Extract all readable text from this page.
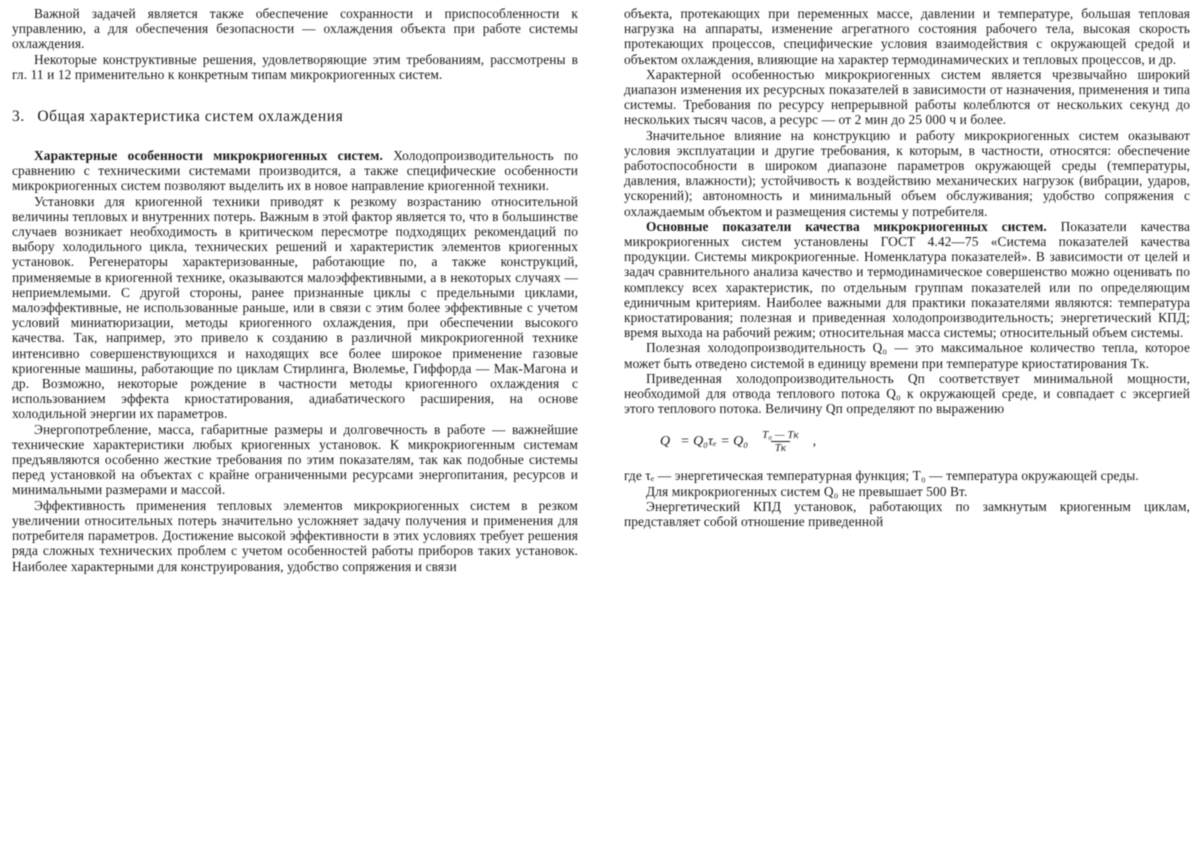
Важной задачей является также обеспечение сохранности и приспособленности к управлению, а для обеспечения безопасности — охлаждения объекта при работе системы охлаждения.

Некоторые конструктивные решения, удовлетворяющие этим требованиям, рассмотрены в гл. 11 и 12 применительно к конкретным типам микрокриогенных систем.

3. Общая характеристика систем охлаждения

Характерные особенности микрокриогенных систем. Холодопроизводительность по сравнению с техническими системами производится, а также специфические особенности микрокриогенных систем позволяют выделить их в новое направление криогенной техники.

Установки для криогенной техники приводят к резкому возрастанию относительной величины тепловых и внутренних потерь. Важным в этой фактор является то, что в большинстве случаев возникает необходимость в критическом пересмотре подходящих рекомендаций по выбору холодильного цикла, технических решений и характеристик элементов криогенных установок. Регенераторы характеризованные, работающие по, а также конструкций, применяемые в криогенной технике, оказываются малоэффективными, а в некоторых случаях — неприемлемыми. С другой стороны, ранее признанные циклы с предельными циклами, малоэффективные, не использованные раньше, или в связи с этим более эффективные с учетом условий миниатюризации, методы криогенного охлаждения, при обеспечении высокого качества. Так, например, это привело к созданию в различной микрокриогенной технике интенсивно совершенствующихся и находящих все более широкое применение газовые криогенные машины, работающие по циклам Стирлинга, Вюлемье, Гиффорда — Мак-Магона и др. Возможно, некоторые рождение в частности методы криогенного охлаждения с использованием эффекта криостатирования, адиабатического расширения, на основе холодильной энергии их параметров.

Энергопотребление, масса, габаритные размеры и долговечность в работе — важнейшие технические характеристики любых криогенных установок. К микрокриогенным системам предъявляются особенно жесткие требования по этим показателям, так как подобные системы перед установкой на объектах с крайне ограниченными ресурсами энергопитания, ресурсов и минимальными размерами и массой.

Эффективность применения тепловых элементов микрокриогенных систем в резком увеличении относительных потерь значительно усложняет задачу получения и применения для потребителя параметров. Достижение высокой эффективности в этих условиях требует решения ряда сложных технических проблем с учетом особенностей работы приборов таких установок. Наиболее характерными для конструирования, удобство сопряжения и связи

объекта, протекающих при переменных массе, давлении и температуре, большая тепловая нагрузка на аппараты, изменение агрегатного состояния рабочего тела, высокая скорость протекающих процессов, специфические условия взаимодействия с окружающей средой и объектом охлаждения, влияющие на характер термодинамических и тепловых процессов, и др.

Характерной особенностью микрокриогенных систем является чрезвычайно широкий диапазон изменения их ресурсных показателей в зависимости от назначения, применения и типа системы. Требования по ресурсу непрерывной работы колеблются от нескольких секунд до нескольких тысяч часов, а ресурс — от 2 мин до 25 000 ч и более.

Значительное влияние на конструкцию и работу микрокриогенных систем оказывают условия эксплуатации и другие требования, к которым, в частности, относятся: обеспечение работоспособности в широком диапазоне параметров окружающей среды (температуры, давления, влажности); устойчивость к воздействию механических нагрузок (вибрации, ударов, ускорений); автономность и минимальный объем обслуживания; удобство сопряжения с охлаждаемым объектом и размещения системы у потребителя.

Основные показатели качества микрокриогенных систем. Показатели качества микрокриогенных систем установлены ГОСТ 4.42—75 «Система показателей качества продукции. Системы микрокриогенные. Номенклатура показателей». В зависимости от целей и задач сравнительного анализа качество и термодинамическое совершенство можно оценивать по комплексу всех характеристик, по отдельным группам показателей или по определяющим единичным критериям. Наиболее важными для практики показателями являются: температура криостатирования; полезная и приведенная холодопроизводительность; энергетический КПД; время выхода на рабочий режим; относительная масса системы; относительный объем системы.

Полезная холодопроизводительность Q₀ — это максимальное количество тепла, которое может быть отведено системой в единицу времени при температуре криостатирования Tк.

Приведенная холодопроизводительность Qп соответствует минимальной мощности, необходимой для отвода теплового потока Q₀ к окружающей среде, и совпадает с эксергией этого теплового потока. Величину Qп определяют по выражению

$Q = Q_0\tau_e = Q_0 \frac{\text{T₀ — Tк}}{Tк}$ ,

где τₑ — энергетическая температурная функция; T₀ — температура окружающей среды.

Для микрокриогенных систем Q₀ не превышает 500 Вт.

Энергетический КПД установок, работающих по замкнутым криогенным циклам, представляет собой отношение приведенной
